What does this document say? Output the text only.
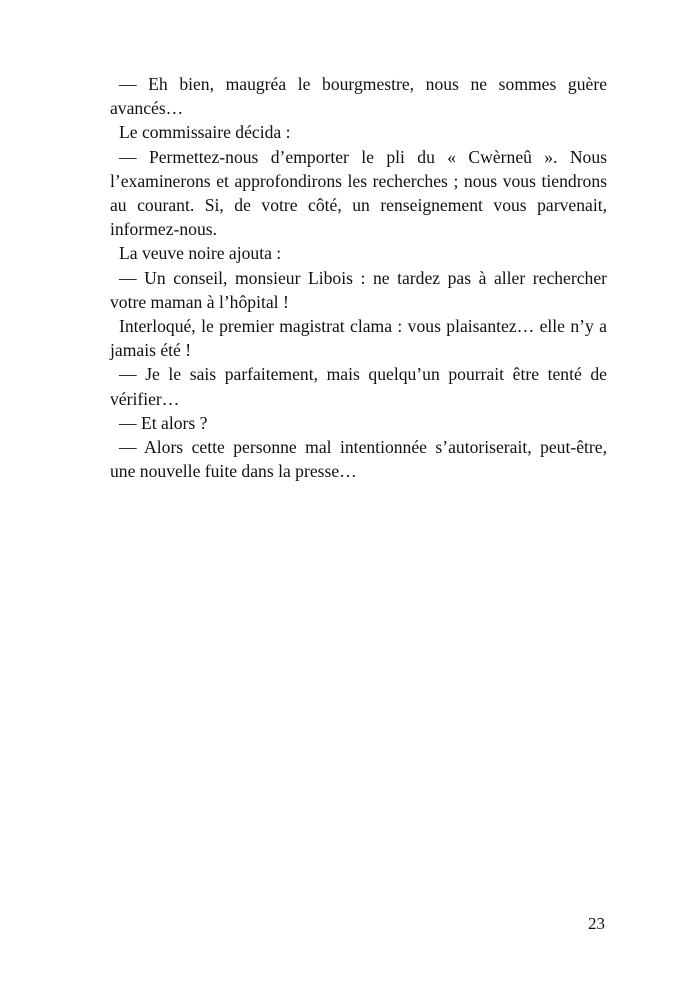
— Eh bien, maugréa le bourgmestre, nous ne sommes guère avancés…

Le commissaire décida :

— Permettez-nous d’emporter le pli du « Cwèrneû ». Nous l’examinerons et approfondirons les recherches ; nous vous tiendrons au courant. Si, de votre côté, un renseignement vous parvenait, informez-nous.

La veuve noire ajouta :

— Un conseil, monsieur Libois : ne tardez pas à aller rechercher votre maman à l’hôpital !

Interloqué, le premier magistrat clama : vous plaisantez… elle n’y a jamais été !

— Je le sais parfaitement, mais quelqu’un pourrait être tenté de vérifier…

— Et alors ?

— Alors cette personne mal intentionnée s’autoriserait, peut-être, une nouvelle fuite dans la presse…

23
